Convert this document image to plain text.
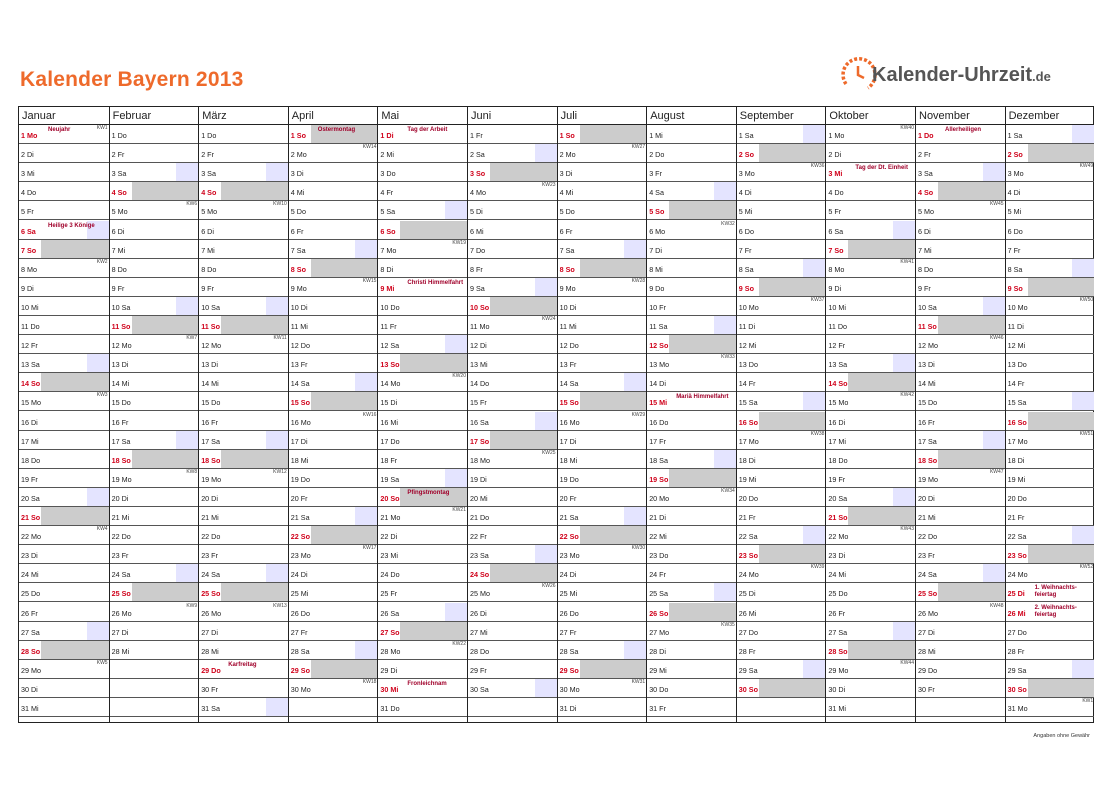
Kalender Bayern 2013	Kalender-Uhrzeit.de
Januar
1 Mo
Neujahr	KW1
2 Di
3 Mi
4 Do
5 Fr
6 Sa
Heilige 3 Könige
7 So
8 Mo
KW2
9 Di
10 Mi
11 Do
12 Fr
13 Sa
14 So
15 Mo
KW3
16 Di
17 Mi
18 Do
19 Fr
20 Sa
21 So
22 Mo
KW4
23 Di
24 Mi
25 Do
26 Fr
27 Sa
28 So
29 Mo
KW5
30 Di
31 Mi
Februar
1 Do
2 Fr
3 Sa
4 So
5 Mo
KW6
6 Di
7 Mi
8 Do
9 Fr
10 Sa
11 So
12 Mo
KW7
13 Di
14 Mi
15 Do
16 Fr
17 Sa
18 So
19 Mo
KW8
20 Di
21 Mi
22 Do
23 Fr
24 Sa
25 So
26 Mo
KW9
27 Di
28 Mi
März
1 Do
2 Fr
3 Sa
4 So
5 Mo
KW10
6 Di
7 Mi
8 Do
9 Fr
10 Sa
11 So
12 Mo
KW11
13 Di
14 Mi
15 Do
16 Fr
17 Sa
18 So
19 Mo
KW12
20 Di
21 Mi
22 Do
23 Fr
24 Sa
25 So
26 Mo
KW13
27 Di
28 Mi
29 Do
Karfreitag
30 Fr
31 Sa
April
1 So
Ostermontag
2 Mo
KW14
3 Di
4 Mi
5 Do
6 Fr
7 Sa
8 So
9 Mo
KW15
10 Di
11 Mi
12 Do
13 Fr
14 Sa
15 So
16 Mo
KW16
17 Di
18 Mi
19 Do
20 Fr
21 Sa
22 So
23 Mo
KW17
24 Di
25 Mi
26 Do
27 Fr
28 Sa
29 So
30 Mo
KW18
Mai
1 Di
Tag der Arbeit
2 Mi
3 Do
4 Fr
5 Sa
6 So
7 Mo
KW19
8 Di
9 Mi
Christi Himmelfahrt
10 Do
11 Fr
12 Sa
13 So
14 Mo
KW20
15 Di
16 Mi
17 Do
18 Fr
19 Sa
20 So
Pfingstmontag
21 Mo
KW21
22 Di
23 Mi
24 Do
25 Fr
26 Sa
27 So
28 Mo
KW22
29 Di
30 Mi
Fronleichnam
31 Do
Juni
1 Fr
2 Sa
3 So
4 Mo
KW23
5 Di
6 Mi
7 Do
8 Fr
9 Sa
10 So
11 Mo
KW24
12 Di
13 Mi
14 Do
15 Fr
16 Sa
17 So
18 Mo
KW25
19 Di
20 Mi
21 Do
22 Fr
23 Sa
24 So
25 Mo
KW26
26 Di
27 Mi
28 Do
29 Fr
30 Sa
Juli
1 So
2 Mo
KW27
3 Di
4 Mi
5 Do
6 Fr
7 Sa
8 So
9 Mo
KW28
10 Di
11 Mi
12 Do
13 Fr
14 Sa
15 So
16 Mo
KW29
17 Di
18 Mi
19 Do
20 Fr
21 Sa
22 So
23 Mo
KW30
24 Di
25 Mi
26 Do
27 Fr
28 Sa
29 So
30 Mo
KW31
31 Di
August
1 Mi
2 Do
3 Fr
4 Sa
5 So
6 Mo
KW32
7 Di
8 Mi
9 Do
10 Fr
11 Sa
12 So
13 Mo
KW33
14 Di
15 Mi
Mariä Himmelfahrt
16 Do
17 Fr
18 Sa
19 So
20 Mo
KW34
21 Di
22 Mi
23 Do
24 Fr
25 Sa
26 So
27 Mo
KW35
28 Di
29 Mi
30 Do
31 Fr
September
1 Sa
2 So
3 Mo
KW36
4 Di
5 Mi
6 Do
7 Fr
8 Sa
9 So
10 Mo
KW37
11 Di
12 Mi
13 Do
14 Fr
15 Sa
16 So
17 Mo
KW38
18 Di
19 Mi
20 Do
21 Fr
22 Sa
23 So
24 Mo
KW39
25 Di
26 Mi
27 Do
28 Fr
29 Sa
30 So
Oktober
1 Mo
KW40
2 Di
3 Mi
Tag der Dt. Einheit
4 Do
5 Fr
6 Sa
7 So
8 Mo
KW41
9 Di
10 Mi
11 Do
12 Fr
13 Sa
14 So
15 Mo
KW42
16 Di
17 Mi
18 Do
19 Fr
20 Sa
21 So
22 Mo
KW43
23 Di
24 Mi
25 Do
26 Fr
27 Sa
28 So
29 Mo
KW44
30 Di
31 Mi
November
1 Do
Allerheiligen
2 Fr
3 Sa
4 So
5 Mo
KW45
6 Di
7 Mi
8 Do
9 Fr
10 Sa
11 So
12 Mo
KW46
13 Di
14 Mi
15 Do
16 Fr
17 Sa
18 So
19 Mo
KW47
20 Di
21 Mi
22 Do
23 Fr
24 Sa
25 So
26 Mo
KW48
27 Di
28 Mi
29 Do
30 Fr
Dezember
1 Sa
2 So
3 Mo
KW49
4 Di
5 Mi
6 Do
7 Fr
8 Sa
9 So
10 Mo
KW50
11 Di
12 Mi
13 Do
14 Fr
15 Sa
16 So
17 Mo
KW51
18 Di
19 Mi
20 Do
21 Fr
22 Sa
23 So
24 Mo
KW52
25 Di
1. Weihnachts-
feiertag
26 Mi
2. Weihnachts-
feiertag
27 Do
28 Fr
29 Sa
30 So
31 Mo
KW1
Angaben ohne Gewähr
